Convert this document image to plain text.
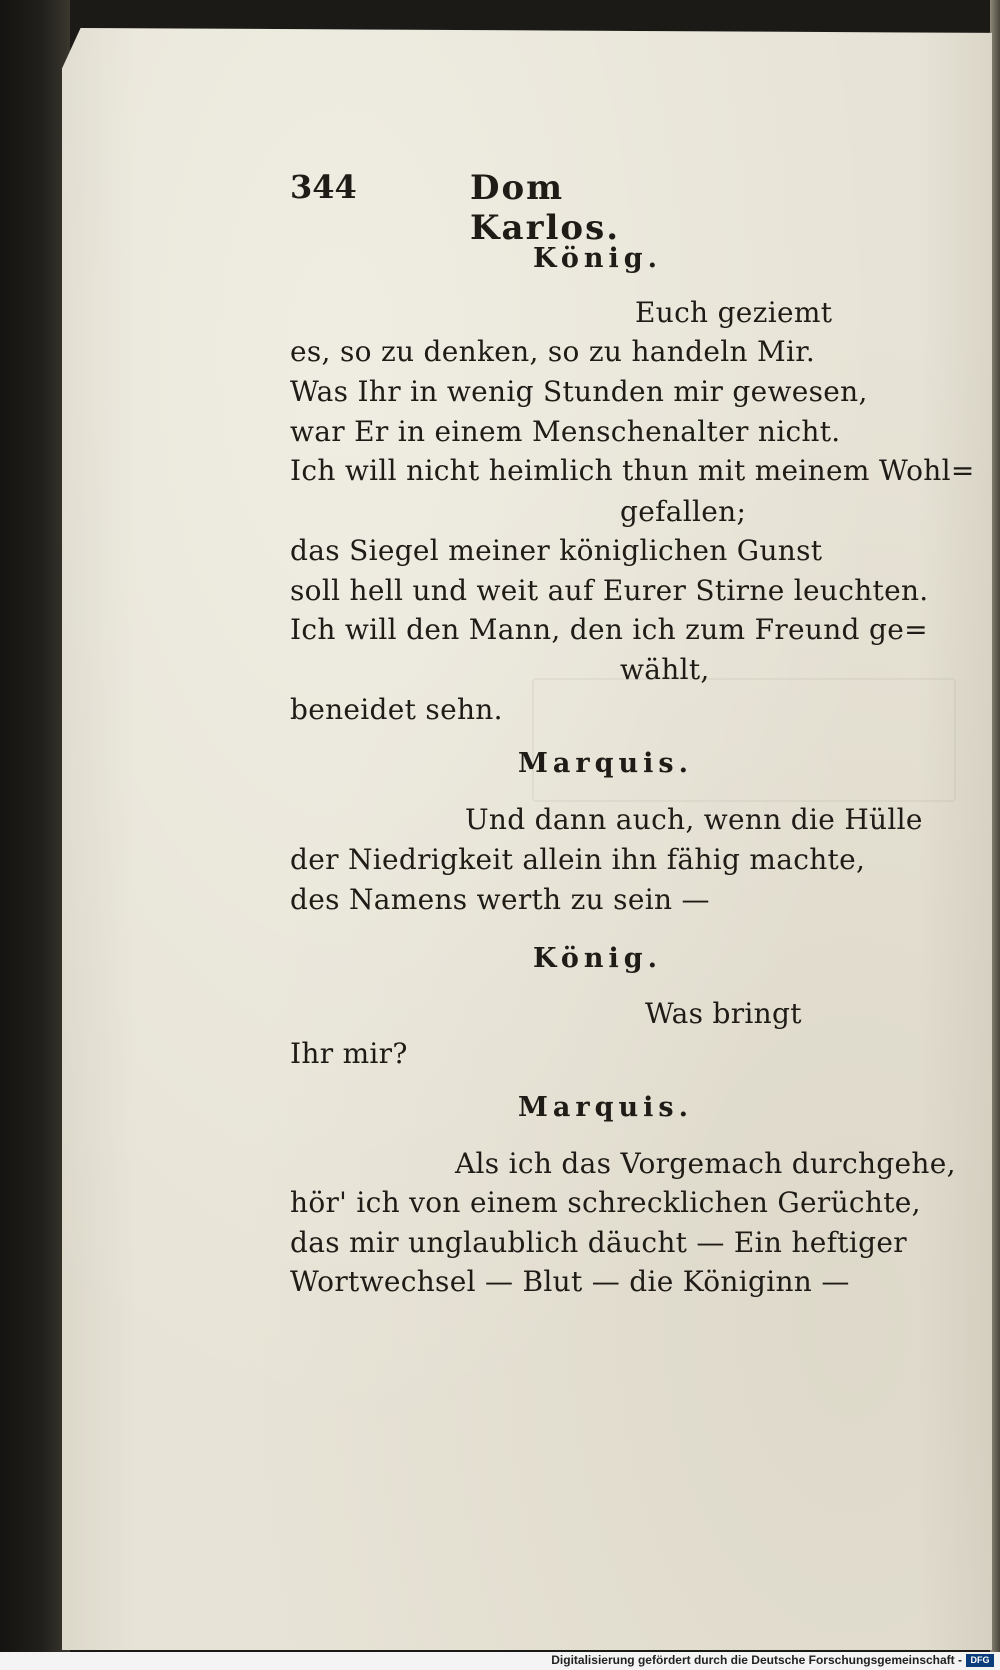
344	Dom Karlos.
König.
Euch geziemt
es, so zu denken, so zu handeln Mir.
Was Ihr in wenig Stunden mir gewesen,
war Er in einem Menschenalter nicht.
Ich will nicht heimlich thun mit meinem Wohl=
gefallen;
das Siegel meiner königlichen Gunst
soll hell und weit auf Eurer Stirne leuchten.
Ich will den Mann, den ich zum Freund ge=
wählt,
beneidet sehn.
Marquis.
Und dann auch, wenn die Hülle
der Niedrigkeit allein ihn fähig machte,
des Namens werth zu sein —
König.
Was bringt
Ihr mir?
Marquis.
Als ich das Vorgemach durchgehe,
hör' ich von einem schrecklichen Gerüchte,
das mir unglaublich däucht — Ein heftiger
Wortwechsel — Blut — die Königinn —
Digitalisierung gefördert durch die Deutsche Forschungsgemeinschaft - DFG
